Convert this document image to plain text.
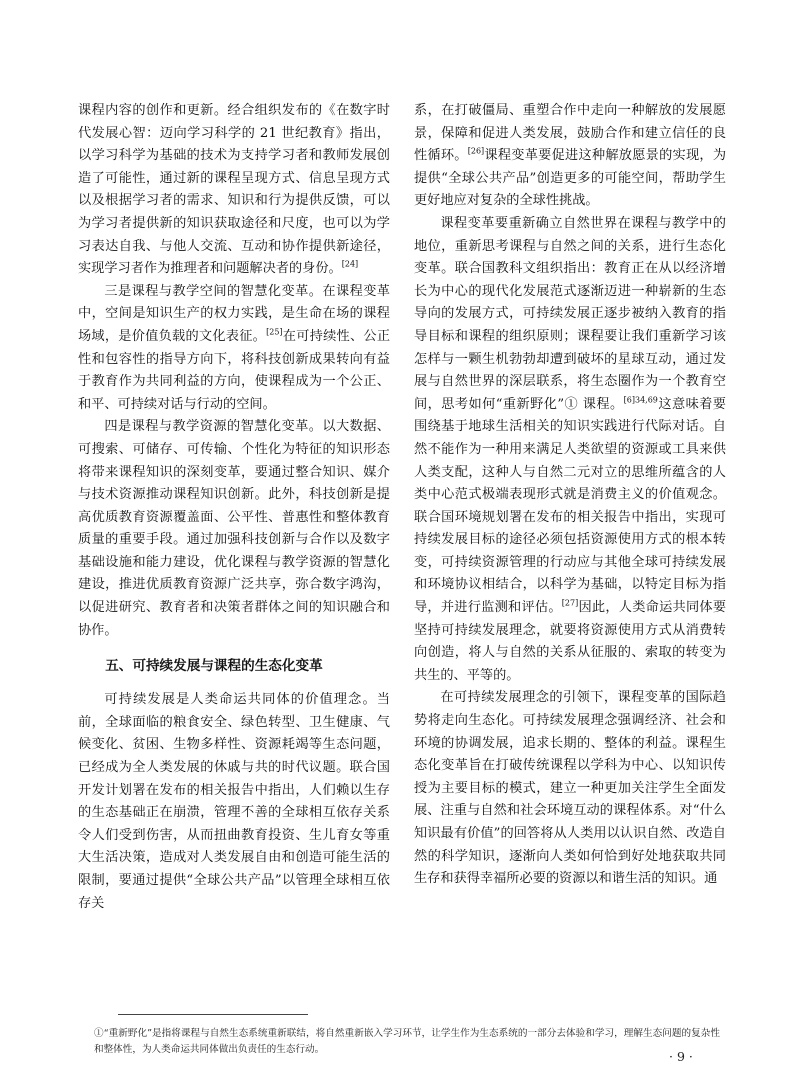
课程内容的创作和更新。经合组织发布的《在数字时代发展心智：迈向学习科学的 21 世纪教育》指出，以学习科学为基础的技术为支持学习者和教师发展创造了可能性，通过新的课程呈现方式、信息呈现方式以及根据学习者的需求、知识和行为提供反馈，可以为学习者提供新的知识获取途径和尺度，也可以为学习表达自我、与他人交流、互动和协作提供新途径，实现学习者作为推理者和问题解决者的身份。[24]

三是课程与教学空间的智慧化变革。在课程变革中，空间是知识生产的权力实践，是生命在场的课程场域，是价值负载的文化表征。[25]在可持续性、公正性和包容性的指导方向下，将科技创新成果转向有益于教育作为共同利益的方向，使课程成为一个公正、和平、可持续对话与行动的空间。

四是课程与教学资源的智慧化变革。以大数据、可搜索、可储存、可传输、个性化为特征的知识形态将带来课程知识的深刻变革，要通过整合知识、媒介与技术资源推动课程知识创新。此外，科技创新是提高优质教育资源覆盖面、公平性、普惠性和整体教育质量的重要手段。通过加强科技创新与合作以及数字基础设施和能力建设，优化课程与教学资源的智慧化建设，推进优质教育资源广泛共享，弥合数字鸿沟，以促进研究、教育者和决策者群体之间的知识融合和协作。

五、可持续发展与课程的生态化变革

可持续发展是人类命运共同体的价值理念。当前，全球面临的粮食安全、绿色转型、卫生健康、气候变化、贫困、生物多样性、资源耗竭等生态问题，已经成为全人类发展的休戚与共的时代议题。联合国开发计划署在发布的相关报告中指出，人们赖以生存的生态基础正在崩溃，管理不善的全球相互依存关系令人们受到伤害，从而扭曲教育投资、生儿育女等重大生活决策，造成对人类发展自由和创造可能生活的限制，要通过提供“全球公共产品”以管理全球相互依存关

系，在打破僵局、重塑合作中走向一种解放的发展愿景，保障和促进人类发展，鼓励合作和建立信任的良性循环。[26]课程变革要促进这种解放愿景的实现，为提供“全球公共产品”创造更多的可能空间，帮助学生更好地应对复杂的全球性挑战。

课程变革要重新确立自然世界在课程与教学中的地位，重新思考课程与自然之间的关系，进行生态化变革。联合国教科文组织指出：教育正在从以经济增长为中心的现代化发展范式逐渐迈进一种崭新的生态导向的发展方式，可持续发展正逐步被纳入教育的指导目标和课程的组织原则；课程要让我们重新学习该怎样与一颗生机勃勃却遭到破坏的星球互动，通过发展与自然世界的深层联系，将生态圈作为一个教育空间，思考如何“重新野化”① 课程。$^{[6]34,69}$这意味着要围绕基于地球生活相关的知识实践进行代际对话。自然不能作为一种用来满足人类欲望的资源或工具来供人类支配，这种人与自然二元对立的思维所蕴含的人类中心范式极端表现形式就是消费主义的价值观念。联合国环境规划署在发布的相关报告中指出，实现可持续发展目标的途径必须包括资源使用方式的根本转变，可持续资源管理的行动应与其他全球可持续发展和环境协议相结合，以科学为基础，以特定目标为指导，并进行监测和评估。[27]因此，人类命运共同体要坚持可持续发展理念，就要将资源使用方式从消费转向创造，将人与自然的关系从征服的、索取的转变为共生的、平等的。

在可持续发展理念的引领下，课程变革的国际趋势将走向生态化。可持续发展理念强调经济、社会和环境的协调发展，追求长期的、整体的利益。课程生态化变革旨在打破传统课程以学科为中心、以知识传授为主要目标的模式，建立一种更加关注学生全面发展、注重与自然和社会环境互动的课程体系。对“什么知识最有价值”的回答将从人类用以认识自然、改造自然的科学知识，逐渐向人类如何恰到好处地获取共同生存和获得幸福所必要的资源以和谐生活的知识。通

①“重新野化”是指将课程与自然生态系统重新联结，将自然重新嵌入学习环节，让学生作为生态系统的一部分去体验和学习，理解生态问题的复杂性和整体性，为人类命运共同体做出负责任的生态行动。	· 9 ·
